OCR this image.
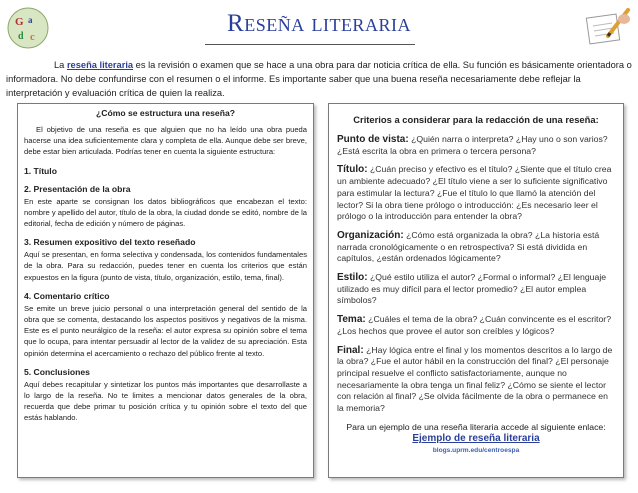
G a
d c	Reseña literaria
La reseña literaria es la revisión o examen que se hace a una obra para dar noticia crítica de ella. Su función es básicamente orientadora o informadora. No debe confundirse con el resumen o el informe. Es importante saber que una buena reseña necesariamente debe reflejar la interpretación y evaluación crítica de quien la realiza.
¿Cómo se estructura una reseña?

El objetivo de una reseña es que alguien que no ha leído una obra pueda hacerse una idea suficientemente clara y completa de ella. Aunque debe ser breve, debe estar bien articulada. Podrías tener en cuenta la siguiente estructura:

1. Título
2. Presentación de la obra

En este aparte se consignan los datos bibliográficos que encabezan el texto: nombre y apellido del autor, título de la obra, la ciudad donde se editó, nombre de la editorial, fecha de edición y número de páginas.

3. Resumen expositivo del texto reseñado

Aquí se presentan, en forma selectiva y condensada, los contenidos fundamentales de la obra. Para su redacción, puedes tener en cuenta los criterios que están expuestos en la figura (punto de vista, título, organización, estilo, tema, final).

4. Comentario crítico

Se emite un breve juicio personal o una interpretación general del sentido de la obra que se comenta, destacando los aspectos positivos y negativos de la misma. Este es el punto neurálgico de la reseña: el autor expresa su opinión sobre el tema que lo ocupa, para intentar persuadir al lector de la validez de su apreciación. Esta opinión determina el acercamiento o rechazo del público frente al texto.

5. Conclusiones

Aquí debes recapitular y sintetizar los puntos más importantes que desarrollaste a lo largo de la reseña. No te limites a mencionar datos generales de la obra, recuerda que debe primar tu posición crítica y tu opinión sobre el texto del que estás hablando.

Criterios a considerar para la redacción de una reseña:
Punto de vista: ¿Quién narra o interpreta? ¿Hay uno o son varios? ¿Está escrita la obra en primera o tercera persona?
Título: ¿Cuán preciso y efectivo es el título? ¿Siente que el título crea un ambiente adecuado? ¿El título viene a ser lo suficiente significativo para estimular la lectura? ¿Fue el título lo que llamó la atención del lector? Si la obra tiene prólogo o introducción: ¿Es necesario leer el prólogo o la introducción para entender la obra?
Organización: ¿Cómo está organizada la obra? ¿La historia está narrada cronológicamente o en retrospectiva? Si está dividida en capítulos, ¿están ordenados lógicamente?
Estilo: ¿Qué estilo utiliza el autor? ¿Formal o informal? ¿El lenguaje utilizado es muy difícil para el lector promedio? ¿El autor emplea símbolos?
Tema: ¿Cuáles el tema de la obra? ¿Cuán convincente es el escritor? ¿Los hechos que provee el autor son creíbles y lógicos?
Final: ¿Hay lógica entre el final y los momentos descritos a lo largo de la obra? ¿Fue el autor hábil en la construcción del final? ¿El personaje principal resuelve el conflicto satisfactoriamente, aunque no necesariamente la obra tenga un final feliz? ¿Cómo se siente el lector con relación al final? ¿Se olvida fácilmente de la obra o permanece en la memoria?
Para un ejemplo de una reseña literaria accede al siguiente enlace:
Ejemplo de reseña literaria
blogs.uprm.edu/centroespa
